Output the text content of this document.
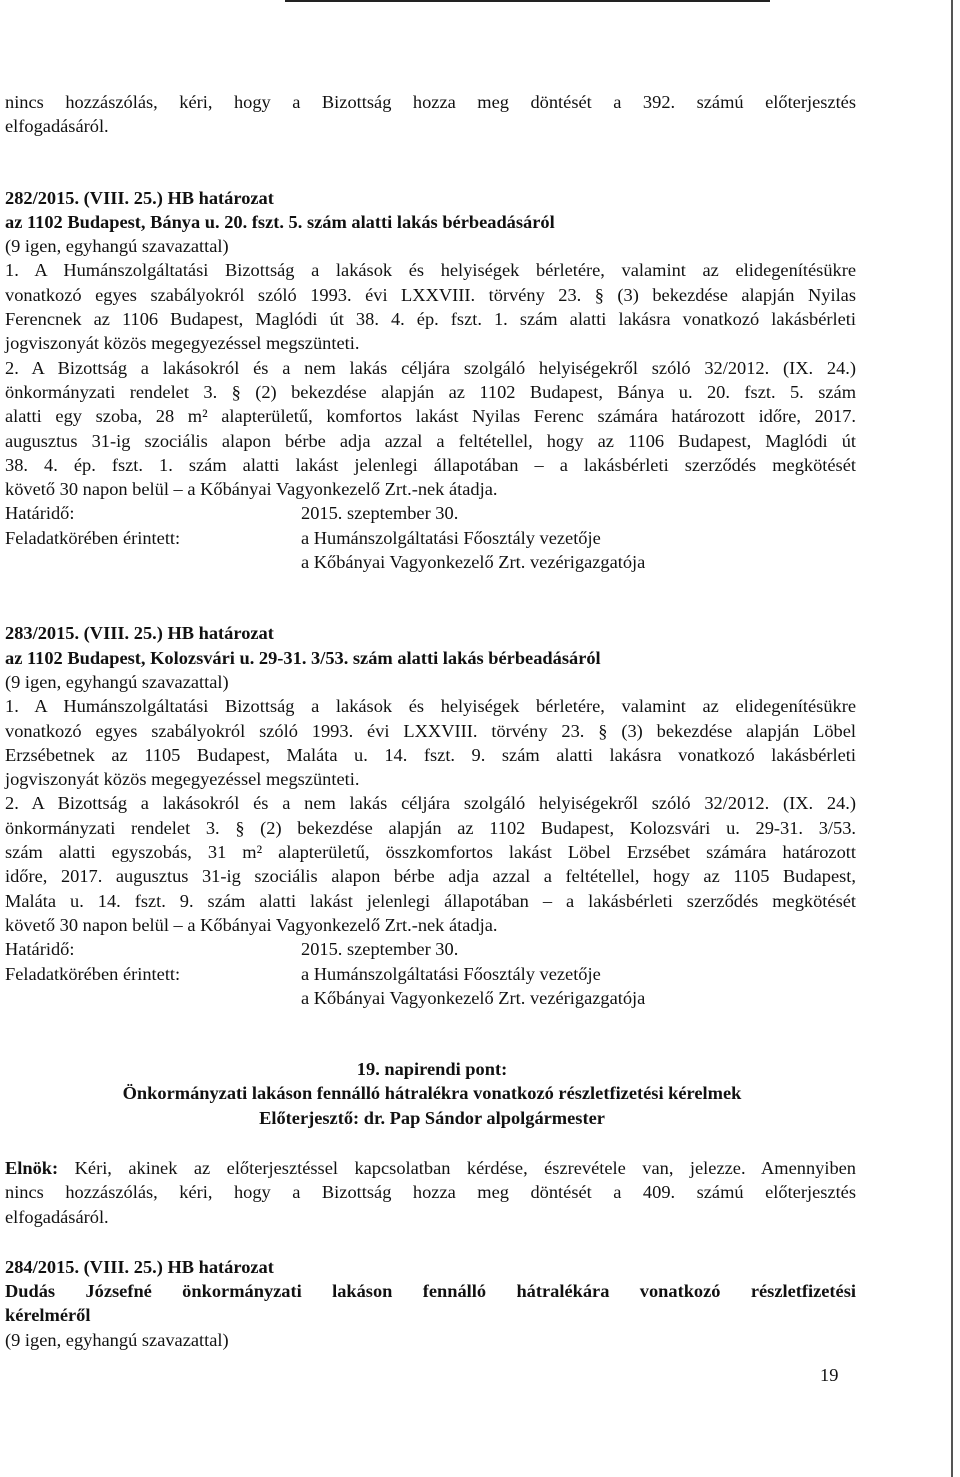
nincs hozzászólás, kéri, hogy a Bizottság hozza meg döntését a 392. számú előterjesztés
elfogadásáról.
282/2015. (VIII. 25.) HB határozat
az 1102 Budapest, Bánya u. 20. fszt. 5. szám alatti lakás bérbeadásáról
(9 igen, egyhangú szavazattal)
1. A Humánszolgáltatási Bizottság a lakások és helyiségek bérletére, valamint az elidegenítésükre
vonatkozó egyes szabályokról szóló 1993. évi LXXVIII. törvény 23. § (3) bekezdése alapján Nyilas
Ferencnek az 1106 Budapest, Maglódi út 38. 4. ép. fszt. 1. szám alatti lakásra vonatkozó lakásbérleti
jogviszonyát közös megegyezéssel megszünteti.
2. A Bizottság a lakásokról és a nem lakás céljára szolgáló helyiségekről szóló 32/2012. (IX. 24.)
önkormányzati rendelet 3. § (2) bekezdése alapján az 1102 Budapest, Bánya u. 20. fszt. 5. szám
alatti egy szoba, 28 m² alapterületű, komfortos lakást Nyilas Ferenc számára határozott időre, 2017.
augusztus 31-ig szociális alapon bérbe adja azzal a feltétellel, hogy az 1106 Budapest, Maglódi út
38. 4. ép. fszt. 1. szám alatti lakást jelenlegi állapotában – a lakásbérleti szerződés megkötését
követő 30 napon belül – a Kőbányai Vagyonkezelő Zrt.-nek átadja.
Határidő:	2015. szeptember 30.
Feladatkörében érintett:	a Humánszolgáltatási Főosztály vezetője
a Kőbányai Vagyonkezelő Zrt. vezérigazgatója
283/2015. (VIII. 25.) HB határozat
az 1102 Budapest, Kolozsvári u. 29-31. 3/53. szám alatti lakás bérbeadásáról
(9 igen, egyhangú szavazattal)
1. A Humánszolgáltatási Bizottság a lakások és helyiségek bérletére, valamint az elidegenítésükre
vonatkozó egyes szabályokról szóló 1993. évi LXXVIII. törvény 23. § (3) bekezdése alapján Löbel
Erzsébetnek az 1105 Budapest, Maláta u. 14. fszt. 9. szám alatti lakásra vonatkozó lakásbérleti
jogviszonyát közös megegyezéssel megszünteti.
2. A Bizottság a lakásokról és a nem lakás céljára szolgáló helyiségekről szóló 32/2012. (IX. 24.)
önkormányzati rendelet 3. § (2) bekezdése alapján az 1102 Budapest, Kolozsvári u. 29-31. 3/53.
szám alatti egyszobás, 31 m² alapterületű, összkomfortos lakást Löbel Erzsébet számára határozott
időre, 2017. augusztus 31-ig szociális alapon bérbe adja azzal a feltétellel, hogy az 1105 Budapest,
Maláta u. 14. fszt. 9. szám alatti lakást jelenlegi állapotában – a lakásbérleti szerződés megkötését
követő 30 napon belül – a Kőbányai Vagyonkezelő Zrt.-nek átadja.
Határidő:	2015. szeptember 30.
Feladatkörében érintett:	a Humánszolgáltatási Főosztály vezetője
a Kőbányai Vagyonkezelő Zrt. vezérigazgatója
19. napirendi pont:
Önkormányzati lakáson fennálló hátralékra vonatkozó részletfizetési kérelmek
Előterjesztő: dr. Pap Sándor alpolgármester
Elnök: Kéri, akinek az előterjesztéssel kapcsolatban kérdése, észrevétele van, jelezze. Amennyiben
nincs hozzászólás, kéri, hogy a Bizottság hozza meg döntését a 409. számú előterjesztés
elfogadásáról.
284/2015. (VIII. 25.) HB határozat
Dudás Józsefné önkormányzati lakáson fennálló hátralékára vonatkozó részletfizetési
kérelméről
(9 igen, egyhangú szavazattal)
19
